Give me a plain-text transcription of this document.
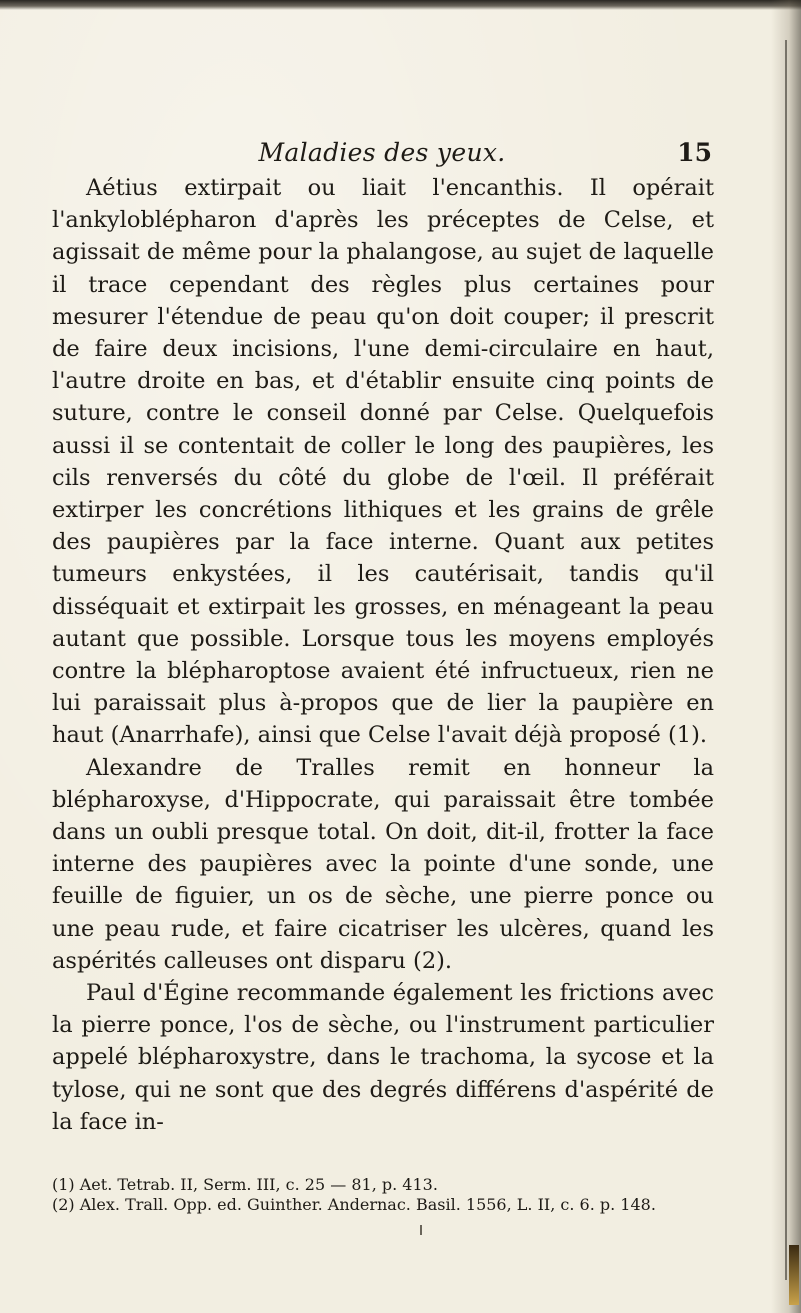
Maladies des yeux.	15

Aétius extirpait ou liait l'encanthis. Il opérait l'ankyloblépharon d'après les préceptes de Celse, et agissait de même pour la phalangose, au sujet de laquelle il trace cependant des règles plus certaines pour mesurer l'étendue de peau qu'on doit couper; il prescrit de faire deux incisions, l'une demi-circulaire en haut, l'autre droite en bas, et d'établir ensuite cinq points de suture, contre le conseil donné par Celse. Quelquefois aussi il se contentait de coller le long des paupières, les cils renversés du côté du globe de l'œil. Il préférait extirper les concrétions lithiques et les grains de grêle des paupières par la face interne. Quant aux petites tumeurs enkystées, il les cautérisait, tandis qu'il disséquait et extirpait les grosses, en ménageant la peau autant que possible. Lorsque tous les moyens employés contre la blépharoptose avaient été infructueux, rien ne lui paraissait plus à-propos que de lier la paupière en haut (Anarrhafe), ainsi que Celse l'avait déjà proposé (1).

Alexandre de Tralles remit en honneur la blépharoxyse, d'Hippocrate, qui paraissait être tombée dans un oubli presque total. On doit, dit-il, frotter la face interne des paupières avec la pointe d'une sonde, une feuille de figuier, un os de sèche, une pierre ponce ou une peau rude, et faire cicatriser les ulcères, quand les aspérités calleuses ont disparu (2).

Paul d'Égine recommande également les frictions avec la pierre ponce, l'os de sèche, ou l'instrument particulier appelé blépharoxystre, dans le trachoma, la sycose et la tylose, qui ne sont que des degrés différens d'aspérité de la face in-

(1) Aet. Tetrab. II, Serm. III, c. 25 — 81, p. 413.
(2) Alex. Trall. Opp. ed. Guinther. Andernac. Basil. 1556, L. II, c. 6. p. 148.
